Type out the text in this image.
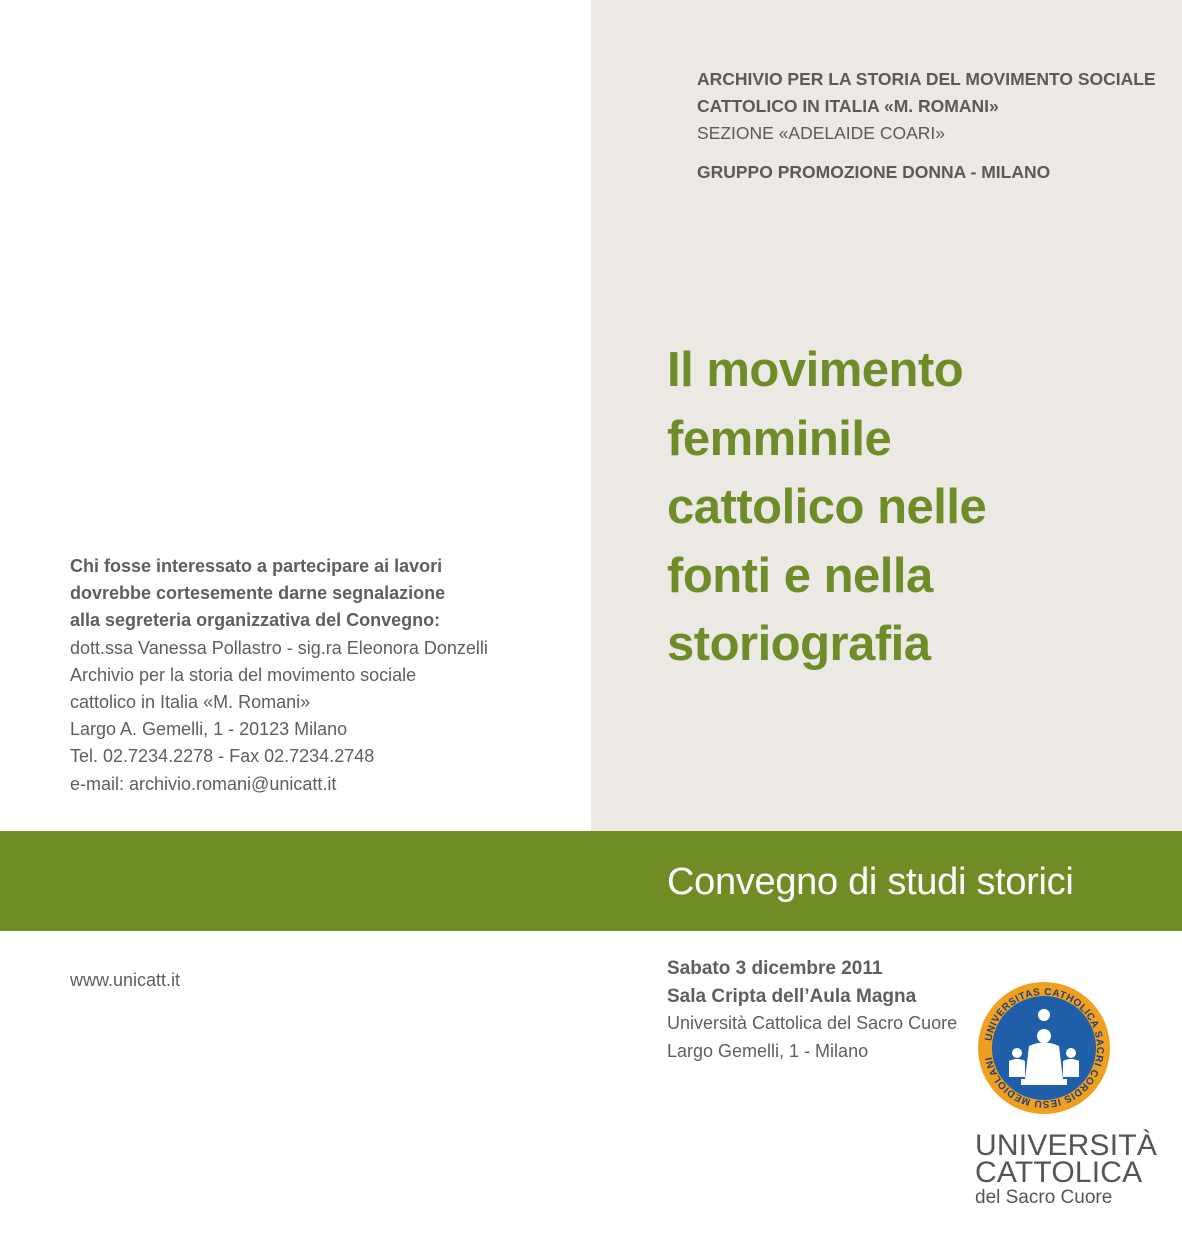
ARCHIVIO PER LA STORIA DEL MOVIMENTO SOCIALE
CATTOLICO IN ITALIA «M. ROMANI»
SEZIONE «ADELAIDE COARI»
GRUPPO PROMOZIONE DONNA - MILANO
Il movimento
femminile
cattolico nelle
fonti e nella
storiografia
Chi fosse interessato a partecipare ai lavori
dovrebbe cortesemente darne segnalazione
alla segreteria organizzativa del Convegno:
dott.ssa Vanessa Pollastro - sig.ra Eleonora Donzelli
Archivio per la storia del movimento sociale
cattolico in Italia «M. Romani»
Largo A. Gemelli, 1 - 20123 Milano
Tel. 02.7234.2278 - Fax 02.7234.2748
e-mail: archivio.romani@unicatt.it
Convegno di studi storici
www.unicatt.it
Sabato 3 dicembre 2011
Sala Cripta dell’Aula Magna
Università Cattolica del Sacro Cuore
Largo Gemelli, 1 - Milano
UNIVERSITAS CATHOLICA SACRI CORDIS IESU MEDIOLANI
UNIVERSITÀ
CATTOLICA
del Sacro Cuore
